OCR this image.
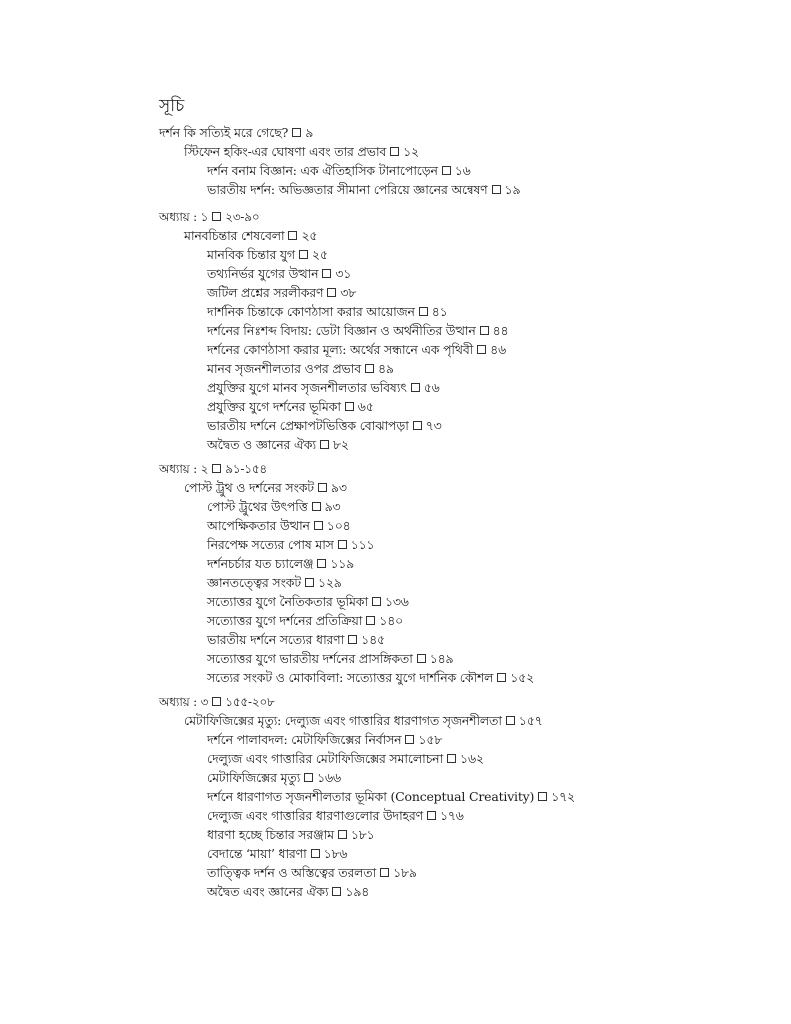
সূচি
দর্শন কি সত্যিই মরে গেছে? ৯
স্টিফেন হকিং-এর ঘোষণা এবং তার প্রভাব ১২
দর্শন বনাম বিজ্ঞান: এক ঐতিহাসিক টানাপোড়েন ১৬
ভারতীয় দর্শন: অভিজ্ঞতার সীমানা পেরিয়ে জ্ঞানের অন্বেষণ ১৯
অধ্যায় : ১ ২৩-৯০
মানবচিন্তার শেষবেলা ২৫
মানবিক চিন্তার যুগ ২৫
তথ্যনির্ভর যুগের উত্থান ৩১
জটিল প্রশ্নের সরলীকরণ ৩৮
দার্শনিক চিন্তাকে কোণঠাসা করার আয়োজন ৪১
দর্শনের নিঃশব্দ বিদায়: ডেটা বিজ্ঞান ও অর্থনীতির উত্থান ৪৪
দর্শনের কোণঠাসা করার মূল্য: অর্থের সন্ধানে এক পৃথিবী ৪৬
মানব সৃজনশীলতার ওপর প্রভাব ৪৯
প্রযুক্তির যুগে মানব সৃজনশীলতার ভবিষ্যৎ ৫৬
প্রযুক্তির যুগে দর্শনের ভূমিকা ৬৫
ভারতীয় দর্শনে প্রেক্ষাপটভিত্তিক বোঝাপড়া ৭৩
অদ্বৈত ও জ্ঞানের ঐক্য ৮২
অধ্যায় : ২ ৯১-১৫৪
পোস্ট ট্রুথ ও দর্শনের সংকট ৯৩
পোস্ট ট্রুথের উৎপত্তি ৯৩
আপেক্ষিকতার উত্থান ১০৪
নিরপেক্ষ সত্যের পোষ মাস ১১১
দর্শনচর্চার যত চ্যালেঞ্জ ১১৯
জ্ঞানতত্ত্বের সংকট ১২৯
সত্যোত্তর যুগে নৈতিকতার ভূমিকা ১৩৬
সত্যোত্তর যুগে দর্শনের প্রতিক্রিয়া ১৪০
ভারতীয় দর্শনে সত্যের ধারণা ১৪৫
সত্যোত্তর যুগে ভারতীয় দর্শনের প্রাসঙ্গিকতা ১৪৯
সত্যের সংকট ও মোকাবিলা: সত্যোত্তর যুগে দার্শনিক কৌশল ১৫২
অধ্যায় : ৩ ১৫৫-২০৮
মেটাফিজিক্সের মৃত্যু: দেল্যুজ এবং গাত্তারির ধারণাগত সৃজনশীলতা ১৫৭
দর্শনে পালাবদল: মেটাফিজিক্সের নির্বাসন ১৫৮
দেল্যুজ এবং গাত্তারির মেটাফিজিক্সের সমালোচনা ১৬২
মেটাফিজিক্সের মৃত্যু ১৬৬
দর্শনে ধারণাগত সৃজনশীলতার ভূমিকা (Conceptual Creativity) ১৭২
দেল্যুজ এবং গাত্তারির ধারণাগুলোর উদাহরণ ১৭৬
ধারণা হচ্ছে চিন্তার সরঞ্জাম ১৮১
বেদান্তে ‘মায়া’ ধারণা ১৮৬
তাত্ত্বিক দর্শন ও অস্তিত্বের তরলতা ১৮৯
অদ্বৈত এবং জ্ঞানের ঐক্য ১৯৪
